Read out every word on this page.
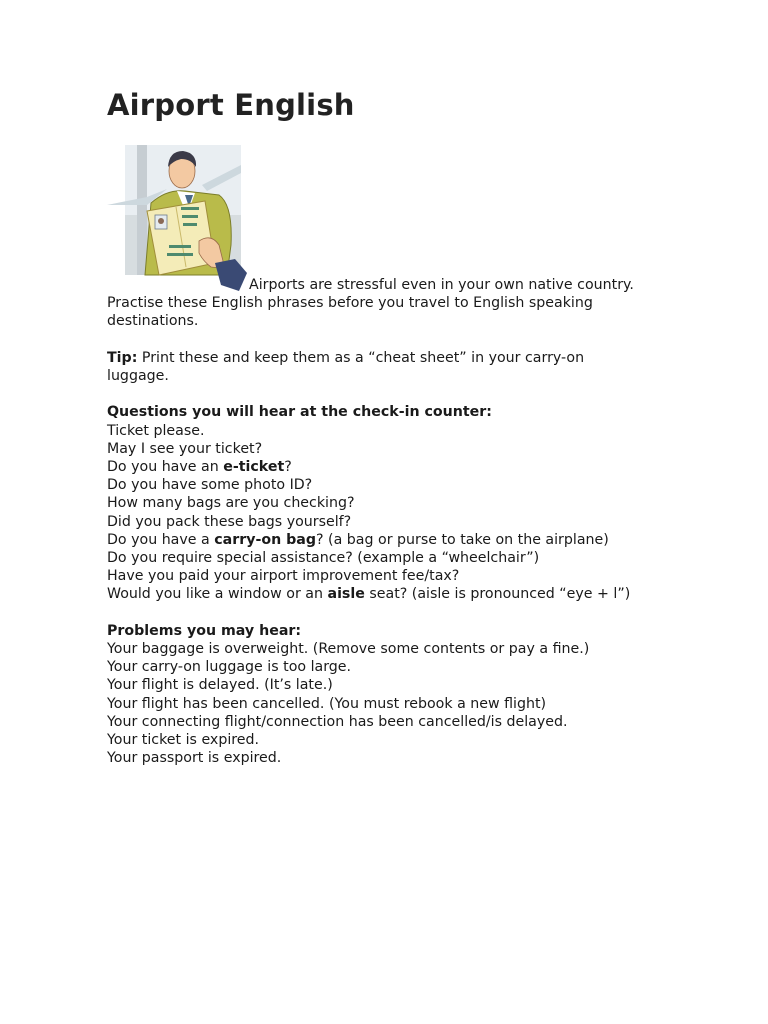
Airport English
Airports are stressful even in your own native country.
Practise these English phrases before you travel to English speaking
destinations.
Tip: Print these and keep them as a “cheat sheet” in your carry-on
luggage.
Questions you will hear at the check-in counter:
Ticket please.
May I see your ticket?
Do you have an e-ticket?
Do you have some photo ID?
How many bags are you checking?
Did you pack these bags yourself?
Do you have a carry-on bag? (a bag or purse to take on the airplane)
Do you require special assistance? (example a “wheelchair”)
Have you paid your airport improvement fee/tax?
Would you like a window or an aisle seat? (aisle is pronounced “eye + l”)
Problems you may hear:
Your baggage is overweight. (Remove some contents or pay a fine.)
Your carry-on luggage is too large.
Your flight is delayed. (It’s late.)
Your flight has been cancelled. (You must rebook a new flight)
Your connecting flight/connection has been cancelled/is delayed.
Your ticket is expired.
Your passport is expired.
